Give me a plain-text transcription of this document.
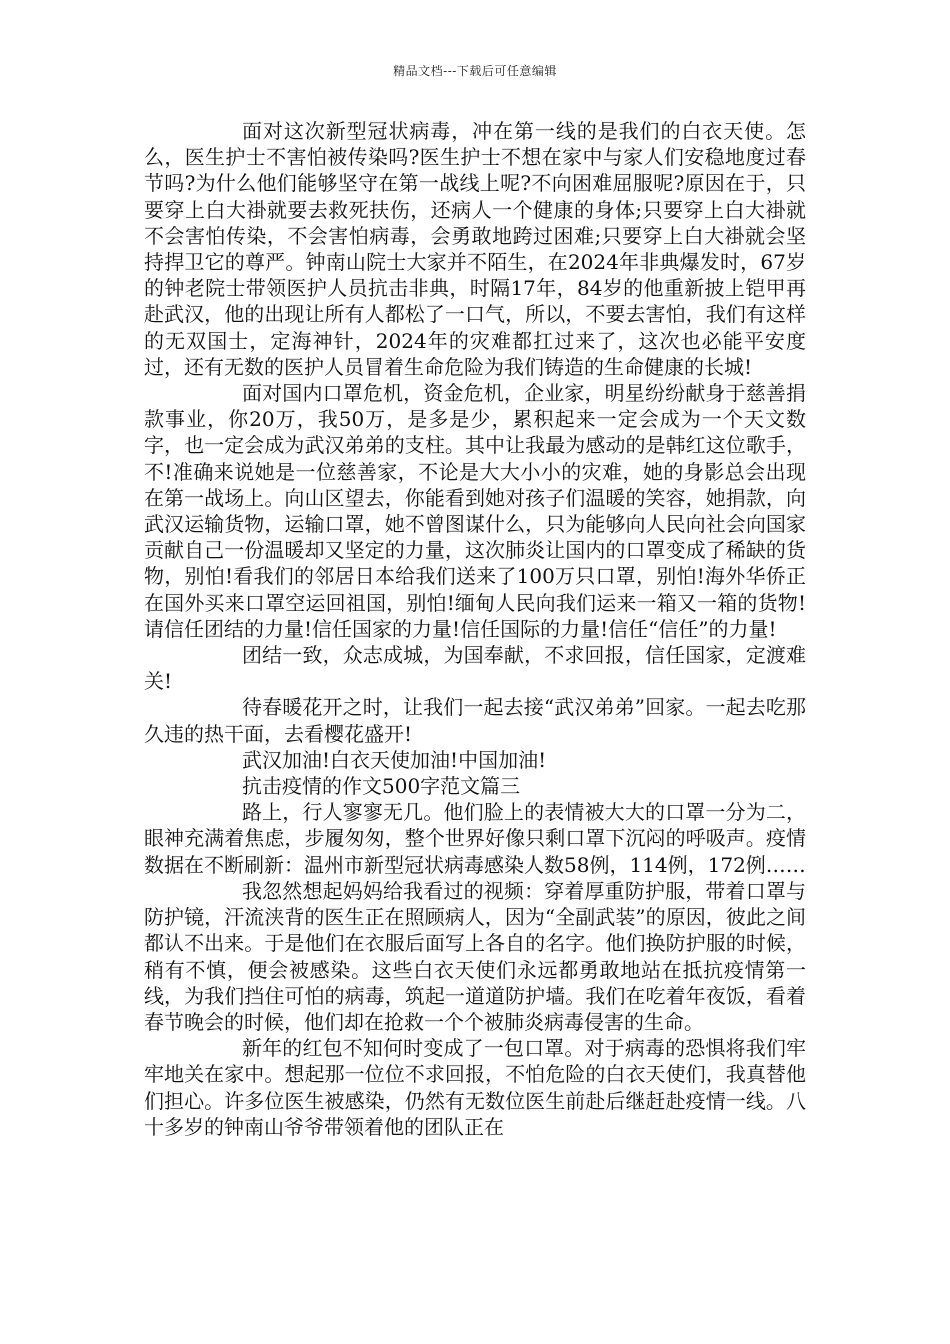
精品文档---下载后可任意编辑

面对这次新型冠状病毒，冲在第一线的是我们的白衣天使。怎么，医生护士不害怕被传染吗?医生护士不想在家中与家人们安稳地度过春节吗?为什么他们能够坚守在第一战线上呢?不向困难屈服呢?原因在于，只要穿上白大褂就要去救死扶伤，还病人一个健康的身体;只要穿上白大褂就不会害怕传染，不会害怕病毒，会勇敢地跨过困难;只要穿上白大褂就会坚持捍卫它的尊严。钟南山院士大家并不陌生，在2024年非典爆发时，67岁的钟老院士带领医护人员抗击非典，时隔17年，84岁的他重新披上铠甲再赴武汉，他的出现让所有人都松了一口气，所以，不要去害怕，我们有这样的无双国士，定海神针，2024年的灾难都扛过来了，这次也必能平安度过，还有无数的医护人员冒着生命危险为我们铸造的生命健康的长城!

面对国内口罩危机，资金危机，企业家，明星纷纷献身于慈善捐款事业，你20万，我50万，是多是少，累积起来一定会成为一个天文数字，也一定会成为武汉弟弟的支柱。其中让我最为感动的是韩红这位歌手，不!准确来说她是一位慈善家，不论是大大小小的灾难，她的身影总会出现在第一战场上。向山区望去，你能看到她对孩子们温暖的笑容，她捐款，向武汉运输货物，运输口罩，她不曾图谋什么，只为能够向人民向社会向国家贡献自己一份温暖却又坚定的力量，这次肺炎让国内的口罩变成了稀缺的货物，别怕!看我们的邻居日本给我们送来了100万只口罩，别怕!海外华侨正在国外买来口罩空运回祖国，别怕!缅甸人民向我们运来一箱又一箱的货物!请信任团结的力量!信任国家的力量!信任国际的力量!信任“信任”的力量!

团结一致，众志成城，为国奉献，不求回报，信任国家，定渡难关!

待春暖花开之时，让我们一起去接“武汉弟弟”回家。一起去吃那久违的热干面，去看樱花盛开!

武汉加油!白衣天使加油!中国加油!

抗击疫情的作文500字范文篇三

路上，行人寥寥无几。他们脸上的表情被大大的口罩一分为二，眼神充满着焦虑，步履匆匆，整个世界好像只剩口罩下沉闷的呼吸声。疫情数据在不断刷新：温州市新型冠状病毒感染人数58例，114例，172例……

我忽然想起妈妈给我看过的视频：穿着厚重防护服，带着口罩与防护镜，汗流浃背的医生正在照顾病人，因为“全副武装”的原因，彼此之间都认不出来。于是他们在衣服后面写上各自的名字。他们换防护服的时候，稍有不慎，便会被感染。这些白衣天使们永远都勇敢地站在抵抗疫情第一线，为我们挡住可怕的病毒，筑起一道道防护墙。我们在吃着年夜饭，看着春节晚会的时候，他们却在抢救一个个被肺炎病毒侵害的生命。

新年的红包不知何时变成了一包口罩。对于病毒的恐惧将我们牢牢地关在家中。想起那一位位不求回报，不怕危险的白衣天使们，我真替他们担心。许多位医生被感染，仍然有无数位医生前赴后继赶赴疫情一线。八十多岁的钟南山爷爷带领着他的团队正在
